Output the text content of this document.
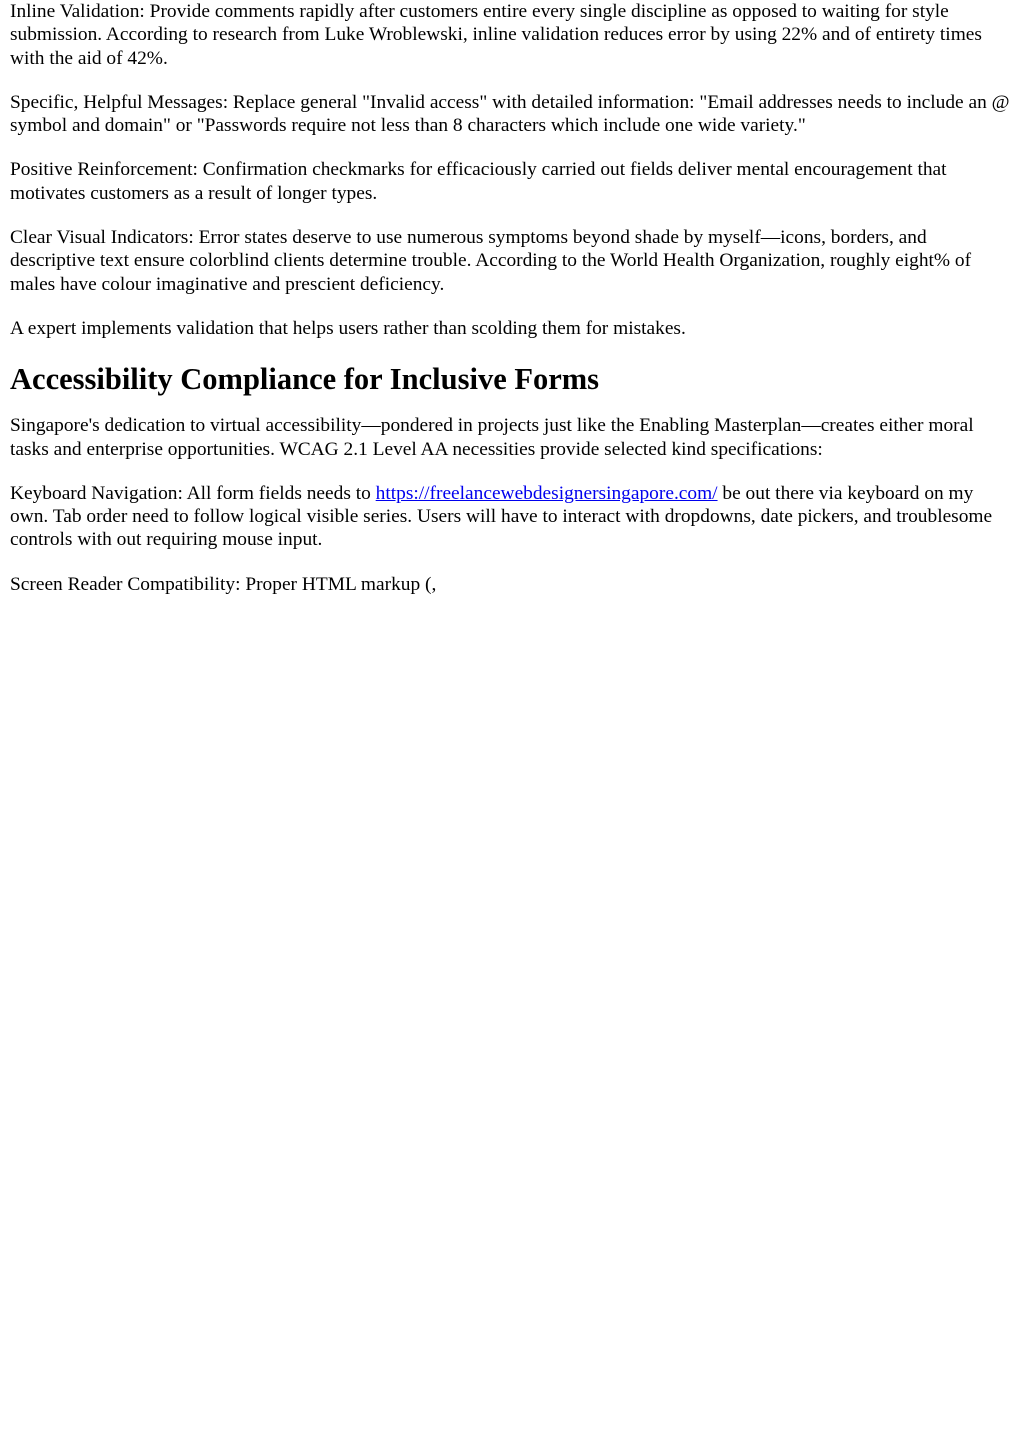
Inline Validation: Provide comments rapidly after customers entire every single discipline as opposed to waiting for style submission. According to research from Luke Wroblewski, inline validation reduces error by using 22% and of entirety times with the aid of 42%.

Specific, Helpful Messages: Replace general "Invalid access" with detailed information: "Email addresses needs to include an @ symbol and domain" or "Passwords require not less than 8 characters which include one wide variety."

Positive Reinforcement: Confirmation checkmarks for efficaciously carried out fields deliver mental encouragement that motivates customers as a result of longer types.

Clear Visual Indicators: Error states deserve to use numerous symptoms beyond shade by myself—icons, borders, and descriptive text ensure colorblind clients determine trouble. According to the World Health Organization, roughly eight% of males have colour imaginative and prescient deficiency.

A expert implements validation that helps users rather than scolding them for mistakes.

Accessibility Compliance for Inclusive Forms

Singapore's dedication to virtual accessibility—pondered in projects just like the Enabling Masterplan—creates either moral tasks and enterprise opportunities. WCAG 2.1 Level AA necessities provide selected kind specifications:

Keyboard Navigation: All form fields needs to https://freelancewebdesignersingapore.com/ be out there via keyboard on my own. Tab order need to follow logical visible series. Users will have to interact with dropdowns, date pickers, and troublesome controls with out requiring mouse input.

Screen Reader Compatibility: Proper HTML markup (,
